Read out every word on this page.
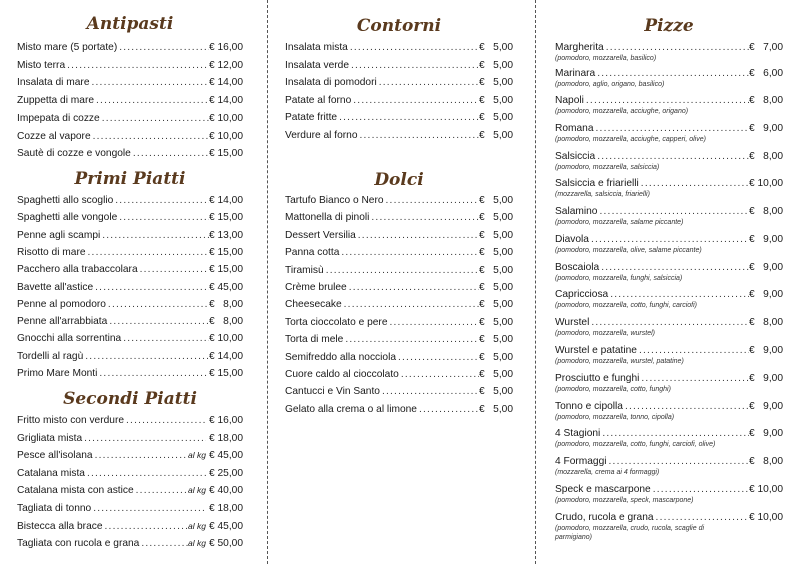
Antipasti
Misto mare (5 portate) .....	€ 16,00
Misto terra .....	€ 12,00
Insalata di mare .....	€ 14,00
Zuppetta di mare .....	€ 14,00
Impepata di cozze .....	€ 10,00
Cozze al vapore .....	€ 10,00
Sautè di cozze e vongole .....	€ 15,00
Primi Piatti
Spaghetti allo scoglio .....	€ 14,00
Spaghetti alle vongole .....	€ 15,00
Penne agli scampi .....	€ 13,00
Risotto di mare .....	€ 15,00
Pacchero alla trabaccolara .....	€ 15,00
Bavette all'astice .....	€ 45,00
Penne al pomodoro .....	€   8,00
Penne all'arrabbiata .....	€   8,00
Gnocchi alla sorrentina .....	€ 10,00
Tordelli al ragù .....	€ 14,00
Primo Mare Monti .....	€ 15,00
Secondi Piatti
Fritto misto con verdure .....	€ 16,00
Grigliata mista .....	€ 18,00
Pesce all'isolana .....	al kg € 45,00
Catalana mista .....	€ 25,00
Catalana mista con astice .....	al kg € 40,00
Tagliata di tonno .....	€ 18,00
Bistecca alla brace .....	al kg € 45,00
Tagliata con rucola e grana .....	al kg € 50,00
Contorni
Insalata mista .....	€   5,00
Insalata verde .....	€   5,00
Insalata di pomodori .....	€   5,00
Patate al forno .....	€   5,00
Patate fritte .....	€   5,00
Verdure al forno .....	€   5,00
Dolci
Tartufo Bianco o Nero .....	€   5,00
Mattonella di pinoli .....	€   5,00
Dessert Versilia .....	€   5,00
Panna cotta .....	€   5,00
Tiramisù .....	€   5,00
Crème brulee .....	€   5,00
Cheesecake .....	€   5,00
Torta cioccolato e pere .....	€   5,00
Torta di mele .....	€   5,00
Semifreddo alla nocciola .....	€   5,00
Cuore caldo al cioccolato .....	€   5,00
Cantucci e Vin Santo .....	€   5,00
Gelato alla crema o al limone .....	€   5,00
Pizze
Margherita .....	€   7,00
(pomodoro, mozzarella, basilico)
Marinara .....	€   6,00
(pomodoro, aglio, origano, basilico)
Napoli .....	€   8,00
(pomodoro, mozzarella, acciughe, origano)
Romana .....	€   9,00
(pomodoro, mozzarella, acciughe, capperi, olive)
Salsiccia .....	€   8,00
(pomodoro, mozzarella, salsiccia)
Salsiccia e friarielli .....	€ 10,00
(mozzarella, salsiccia, friarielli)
Salamino .....	€   8,00
(pomodoro, mozzarella, salame piccante)
Diavola .....	€   9,00
(pomodoro, mozzarella, olive, salame piccante)
Boscaiola .....	€   9,00
(pomodoro, mozzarella, funghi, salsiccia)
Capricciosa .....	€   9,00
(pomodoro, mozzarella, cotto, funghi, carciofi)
Wurstel .....	€   8,00
(pomodoro, mozzarella, wurstel)
Wurstel e patatine .....	€   9,00
(pomodoro, mozzarella, wurstel, patatine)
Prosciutto e funghi .....	€   9,00
(pomodoro, mozzarella, cotto, funghi)
Tonno e cipolla .....	€   9,00
(pomodoro, mozzarella, tonno, cipolla)
4 Stagioni .....	€   9,00
(pomodoro, mozzarella, cotto, funghi, carciofi, olive)
4 Formaggi .....	€   8,00
(mozzarella, crema ai 4 formaggi)
Speck e mascarpone .....	€ 10,00
(pomodoro, mozzarella, speck, mascarpone)
Crudo, rucola e grana .....	€ 10,00
(pomodoro, mozzarella, crudo, rucola, scaglie di parmigiano)
